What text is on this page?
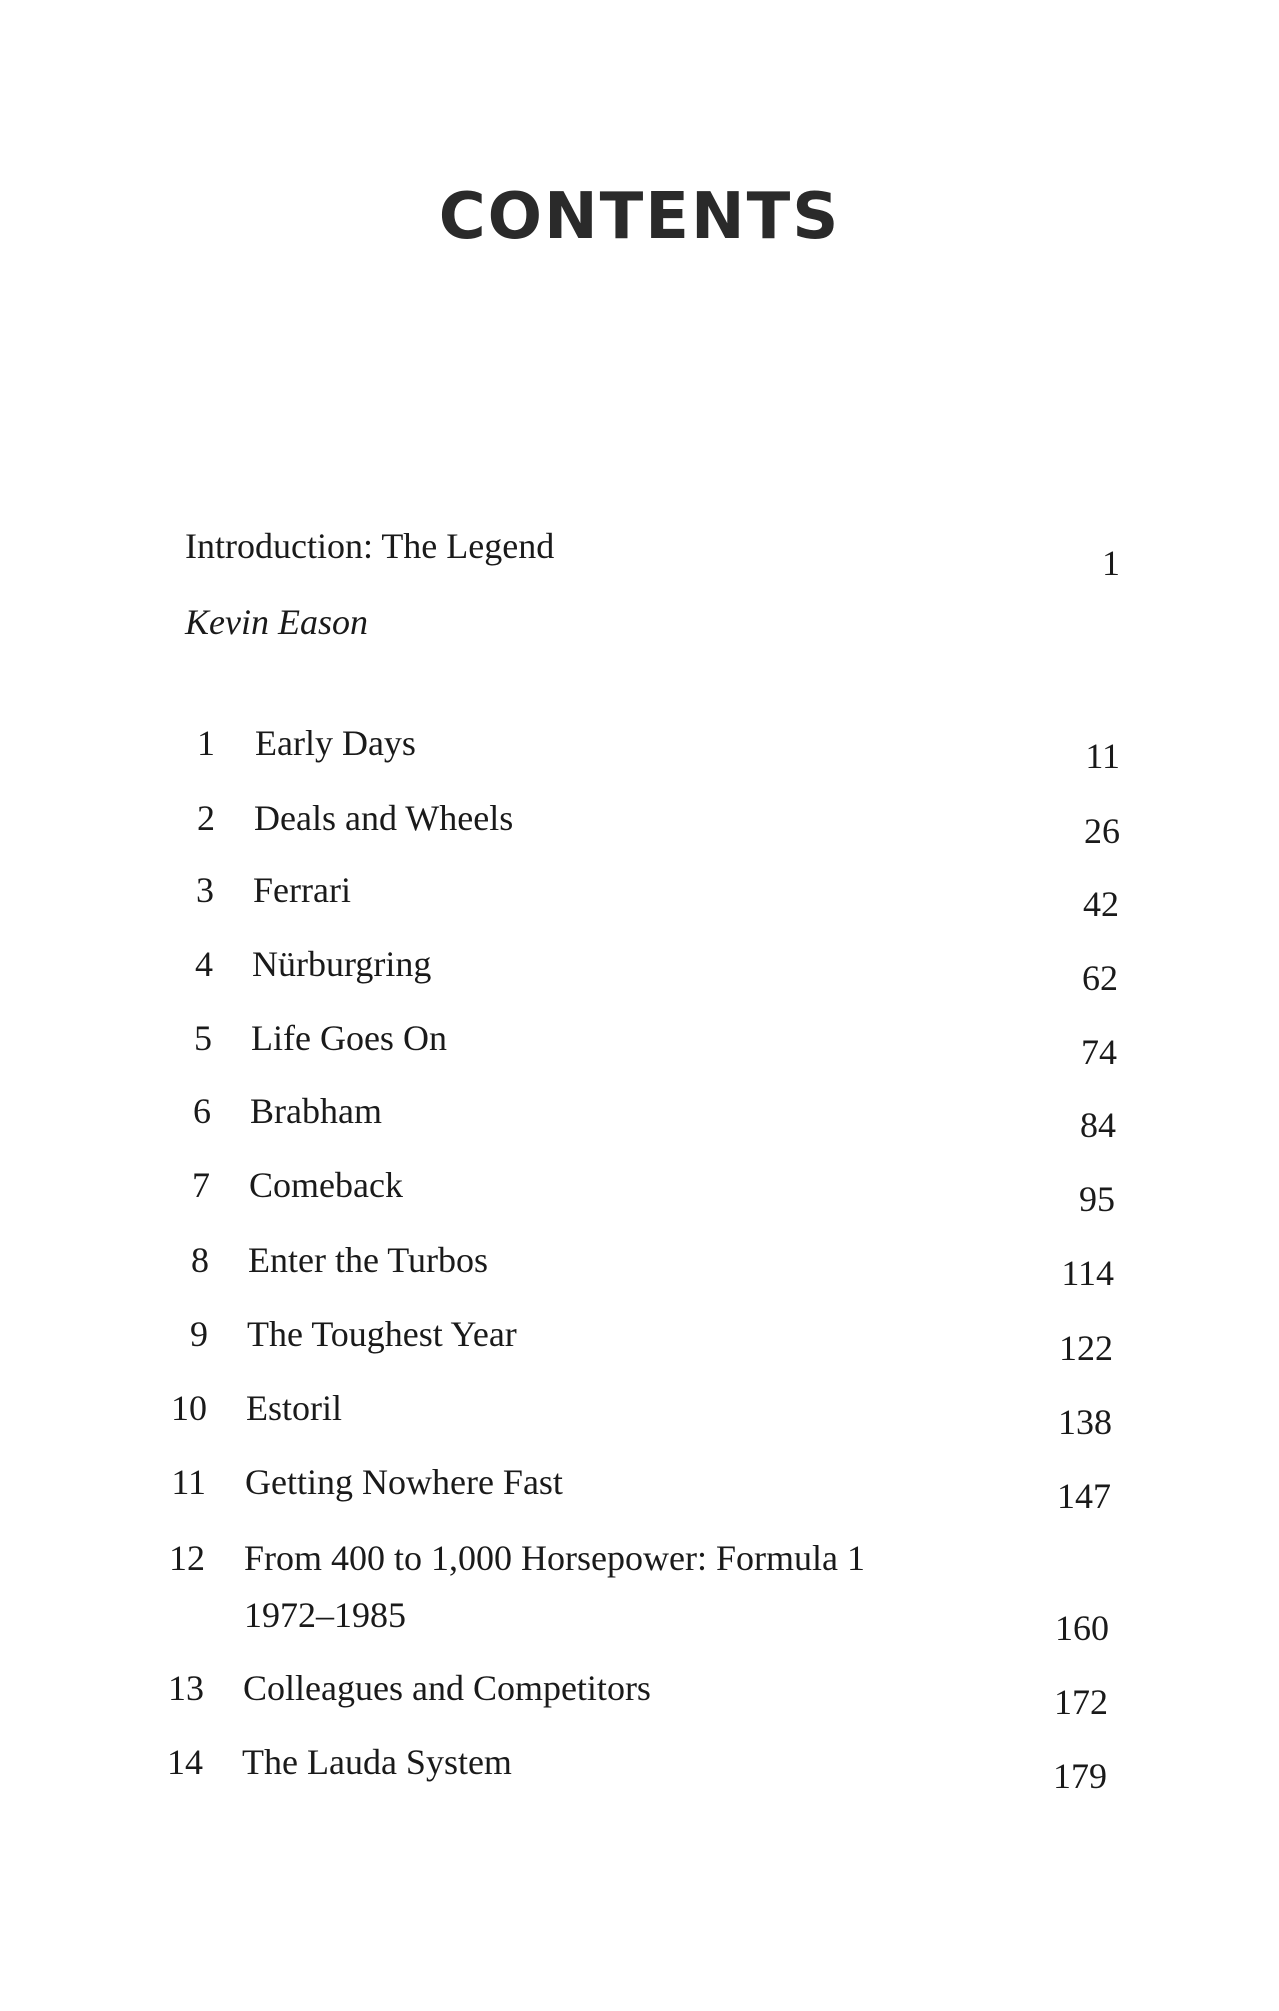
CONTENTS
Introduction: The Legend	1
Kevin Eason
1 Early Days	11
2 Deals and Wheels	26
3 Ferrari	42
4 Nürburgring	62
5 Life Goes On	74
6 Brabham	84
7 Comeback	95
8 Enter the Turbos	114
9 The Toughest Year	122
10 Estoril	138
11 Getting Nowhere Fast	147
12 From 400 to 1,000 Horsepower: Formula 1
1972–1985	160
13 Colleagues and Competitors	172
14 The Lauda System	179
